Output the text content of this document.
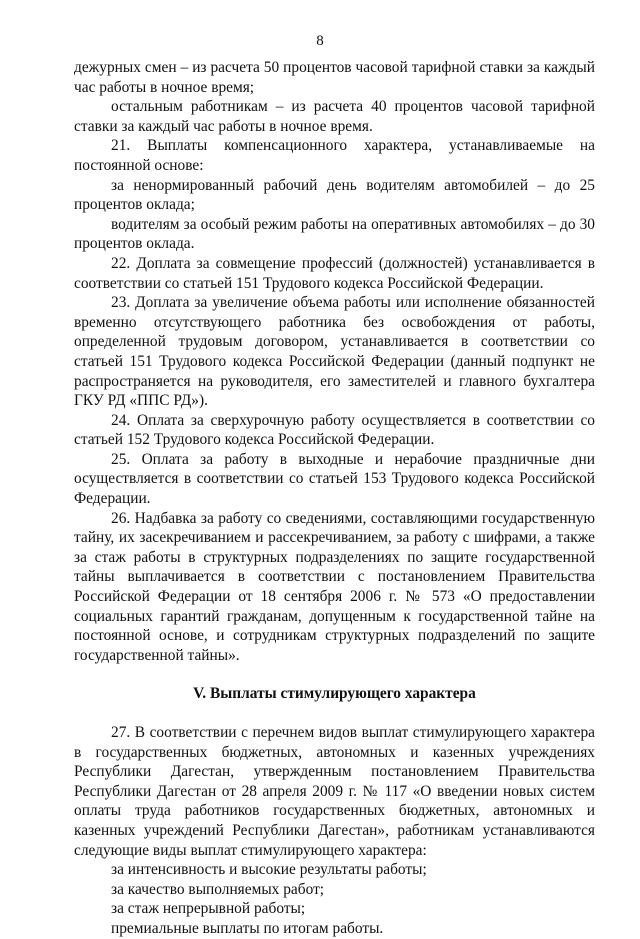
8

дежурных смен – из расчета 50 процентов часовой тарифной ставки за каждый час работы в ночное время;

остальным работникам – из расчета 40 процентов часовой тарифной ставки за каждый час работы в ночное время.

21. Выплаты компенсационного характера, устанавливаемые на постоянной основе:

за ненормированный рабочий день водителям автомобилей – до 25 процентов оклада;

водителям за особый режим работы на оперативных автомобилях – до 30 процентов оклада.

22. Доплата за совмещение профессий (должностей) устанавливается в соответствии со статьей 151 Трудового кодекса Российской Федерации.

23. Доплата за увеличение объема работы или исполнение обязанностей временно отсутствующего работника без освобождения от работы, определенной трудовым договором, устанавливается в соответствии со статьей 151 Трудового кодекса Российской Федерации (данный подпункт не распространяется на руководителя, его заместителей и главного бухгалтера ГКУ РД «ППС РД»).

24. Оплата за сверхурочную работу осуществляется в соответствии со статьей 152 Трудового кодекса Российской Федерации.

25. Оплата за работу в выходные и нерабочие праздничные дни осуществляется в соответствии со статьей 153 Трудового кодекса Российской Федерации.

26. Надбавка за работу со сведениями, составляющими государственную тайну, их засекречиванием и рассекречиванием, за работу с шифрами, а также за стаж работы в структурных подразделениях по защите государственной тайны выплачивается в соответствии с постановлением Правительства Российской Федерации от 18 сентября 2006 г. № 573 «О предоставлении социальных гарантий гражданам, допущенным к государственной тайне на постоянной основе, и сотрудникам структурных подразделений по защите государственной тайны».

V. Выплаты стимулирующего характера

27. В соответствии с перечнем видов выплат стимулирующего характера в государственных бюджетных, автономных и казенных учреждениях Республики Дагестан, утвержденным постановлением Правительства Республики Дагестан от 28 апреля 2009 г. № 117 «О введении новых систем оплаты труда работников государственных бюджетных, автономных и казенных учреждений Республики Дагестан», работникам устанавливаются следующие виды выплат стимулирующего характера:

за интенсивность и высокие результаты работы;

за качество выполняемых работ;

за стаж непрерывной работы;

премиальные выплаты по итогам работы.
